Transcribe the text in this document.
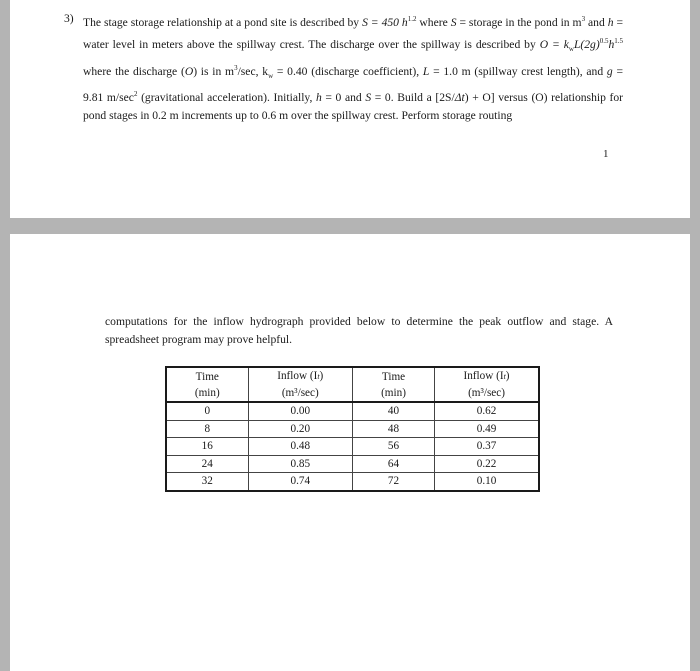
3) The stage storage relationship at a pond site is described by S = 450 $h^{1.2}$ where S = storage in the pond in $m^3$ and h = water level in meters above the spillway crest. The discharge over the spillway is described by $O = k_wL(2g)^{0.5}h^{1.5}$ where the discharge (O) is in $m^3/\sec$, $k_w = 0.40$ (discharge coefficient), L = 1.0 m (spillway crest length), and g = 9.81 $m/\sec^2$ (gravitational acceleration). Initially, h = 0 and S = 0. Build a [2S/Δt) + O] versus (O) relationship for pond stages in 0.2 m increments up to 0.6 m over the spillway crest. Perform storage routing
1
computations for the inflow hydrograph provided below to determine the peak outflow and stage. A spreadsheet program may prove helpful.
Time	Inflow (It)	Time	Inflow (It)
(min)	(m³/sec)	(min)	(m³/sec)
0	0.00	40	0.62
8	0.20	48	0.49
16	0.48	56	0.37
24	0.85	64	0.22
32	0.74	72	0.10
